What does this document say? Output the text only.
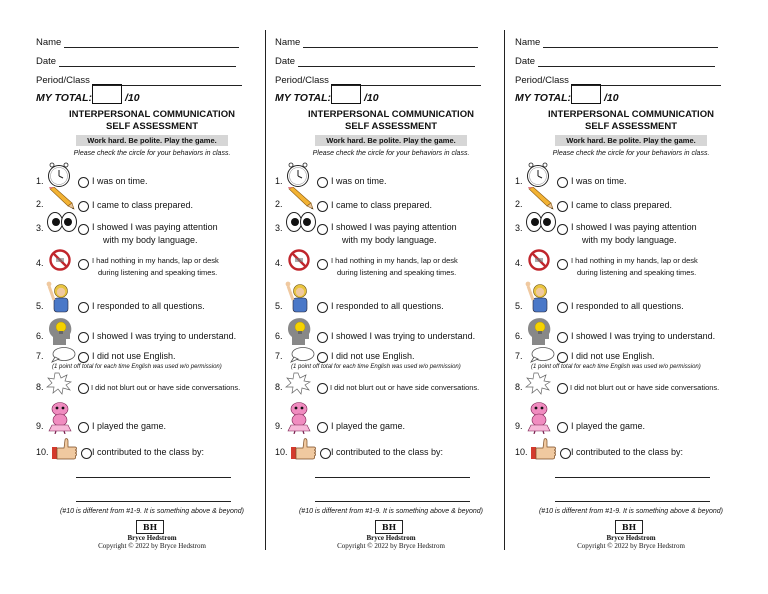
Name
Date
Period/Class
MY TOTAL:	/10
INTERPERSONAL COMMUNICATION
SELF ASSESSMENT
Work hard. Be polite. Play the game.
Please check the circle for your behaviors in class.
1.	I was on time.
2.	I came to class prepared.
3.	I showed I was paying attention
with my body language.
4.	I had nothing in my hands, lap or desk
during listening and speaking times.
5.	I responded to all questions.
6.	I showed I was trying to understand.
7.	I did not use English.
(1 point off total for each time English was used w/o permission)
8.	I did not blurt out or have side conversations.
9.	I played the game.
10.	I contributed to the class by:
(#10 is different from #1-9. It is something above & beyond)
BH
Bryce Hedstrom
Copyright © 2022 by Bryce Hedstrom
Name
Date
Period/Class
MY TOTAL:	/10
INTERPERSONAL COMMUNICATION
SELF ASSESSMENT
Work hard. Be polite. Play the game.
Please check the circle for your behaviors in class.
1.	I was on time.
2.	I came to class prepared.
3.	I showed I was paying attention
with my body language.
4.	I had nothing in my hands, lap or desk
during listening and speaking times.
5.	I responded to all questions.
6.	I showed I was trying to understand.
7.	I did not use English.
(1 point off total for each time English was used w/o permission)
8.	I did not blurt out or have side conversations.
9.	I played the game.
10.	I contributed to the class by:
(#10 is different from #1-9. It is something above & beyond)
BH
Bryce Hedstrom
Copyright © 2022 by Bryce Hedstrom
Name
Date
Period/Class
MY TOTAL:	/10
INTERPERSONAL COMMUNICATION
SELF ASSESSMENT
Work hard. Be polite. Play the game.
Please check the circle for your behaviors in class.
1.	I was on time.
2.	I came to class prepared.
3.	I showed I was paying attention
with my body language.
4.	I had nothing in my hands, lap or desk
during listening and speaking times.
5.	I responded to all questions.
6.	I showed I was trying to understand.
7.	I did not use English.
(1 point off total for each time English was used w/o permission)
8.	I did not blurt out or have side conversations.
9.	I played the game.
10.	I contributed to the class by:
(#10 is different from #1-9. It is something above & beyond)
BH
Bryce Hedstrom
Copyright © 2022 by Bryce Hedstrom
